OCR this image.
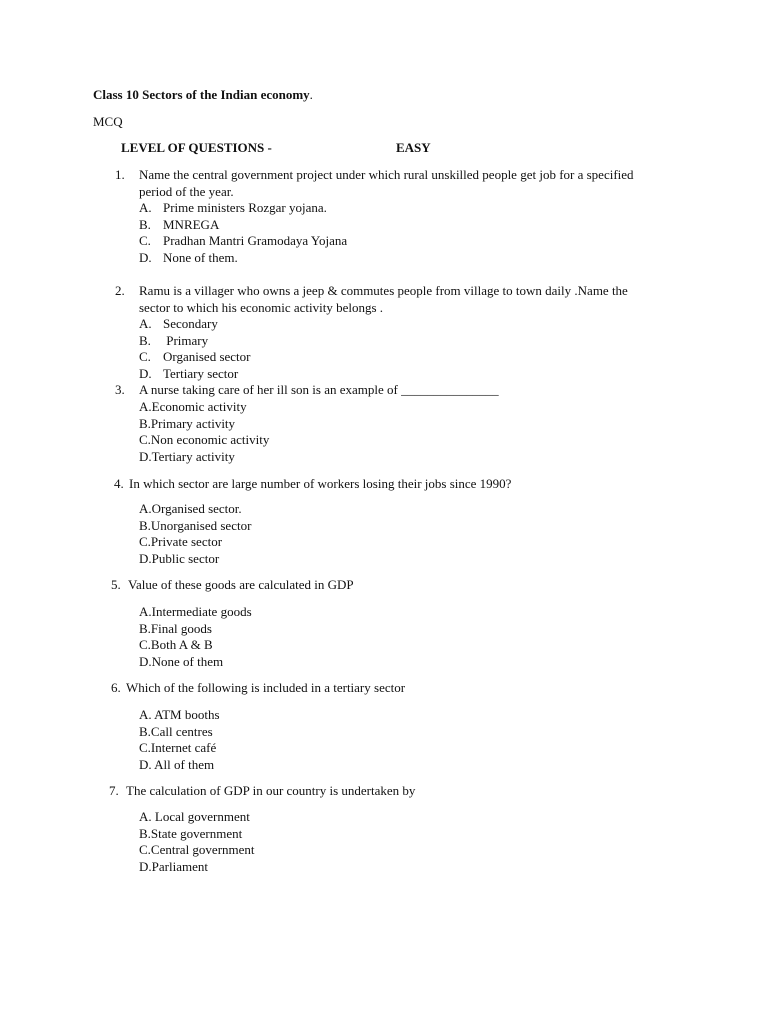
Class 10 Sectors of the Indian economy.
MCQ
LEVEL OF QUESTIONS -	EASY
1. Name the central government project under which rural unskilled people get job for a specified period of the year.
A. Prime ministers Rozgar yojana.
B. MNREGA
C. Pradhan Mantri Gramodaya Yojana
D. None of them.
2. Ramu is a villager who owns a jeep & commutes people from village to town daily .Name the sector to which his economic activity belongs .
A. Secondary
B. Primary
C. Organised sector
D. Tertiary sector
3. A nurse taking care of her ill son is an example of _______________
A.Economic activity
B.Primary activity
C.Non economic activity
D.Tertiary activity
4. In which sector are large number of workers losing their jobs since 1990?
A.Organised sector.
B.Unorganised sector
C.Private sector
D.Public sector
5. Value of these goods are calculated in GDP
A.Intermediate goods
B.Final goods
C.Both A & B
D.None of them
6. Which of the following is included in a tertiary sector
A. ATM booths
B.Call centres
C.Internet café
D. All of them
7. The calculation of GDP in our country is undertaken by
A. Local government
B.State government
C.Central government
D.Parliament
